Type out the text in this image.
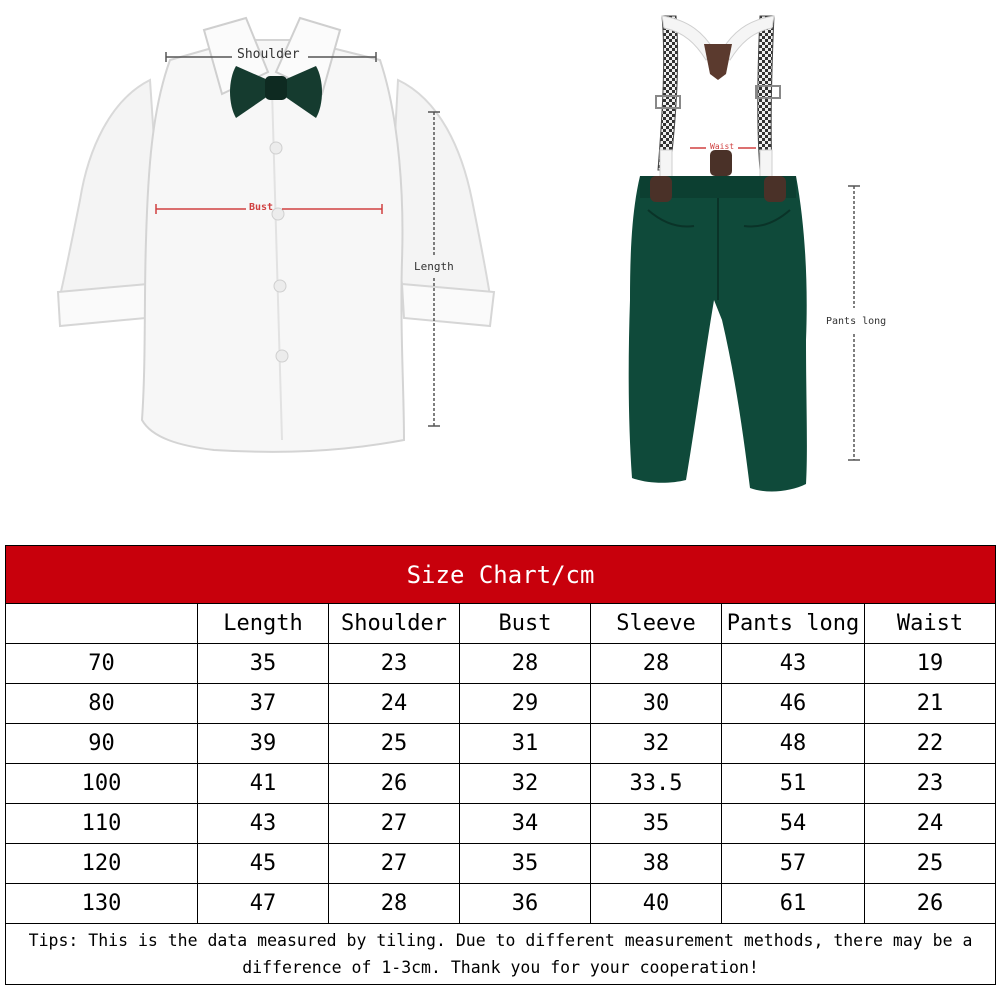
Shoulder
Bust
Length
Waist
Pants long
Size Chart/cm						
	Length	Shoulder	Bust	Sleeve	Pants long	Waist
70	35	23	28	28	43	19
80	37	24	29	30	46	21
90	39	25	31	32	48	22
100	41	26	32	33.5	51	23
110	43	27	34	35	54	24
120	45	27	35	38	57	25
130	47	28	36	40	61	26
Tips: This is the data measured by tiling. Due to different measurement methods, there may be a difference of 1-3cm. Thank you for your cooperation!						
